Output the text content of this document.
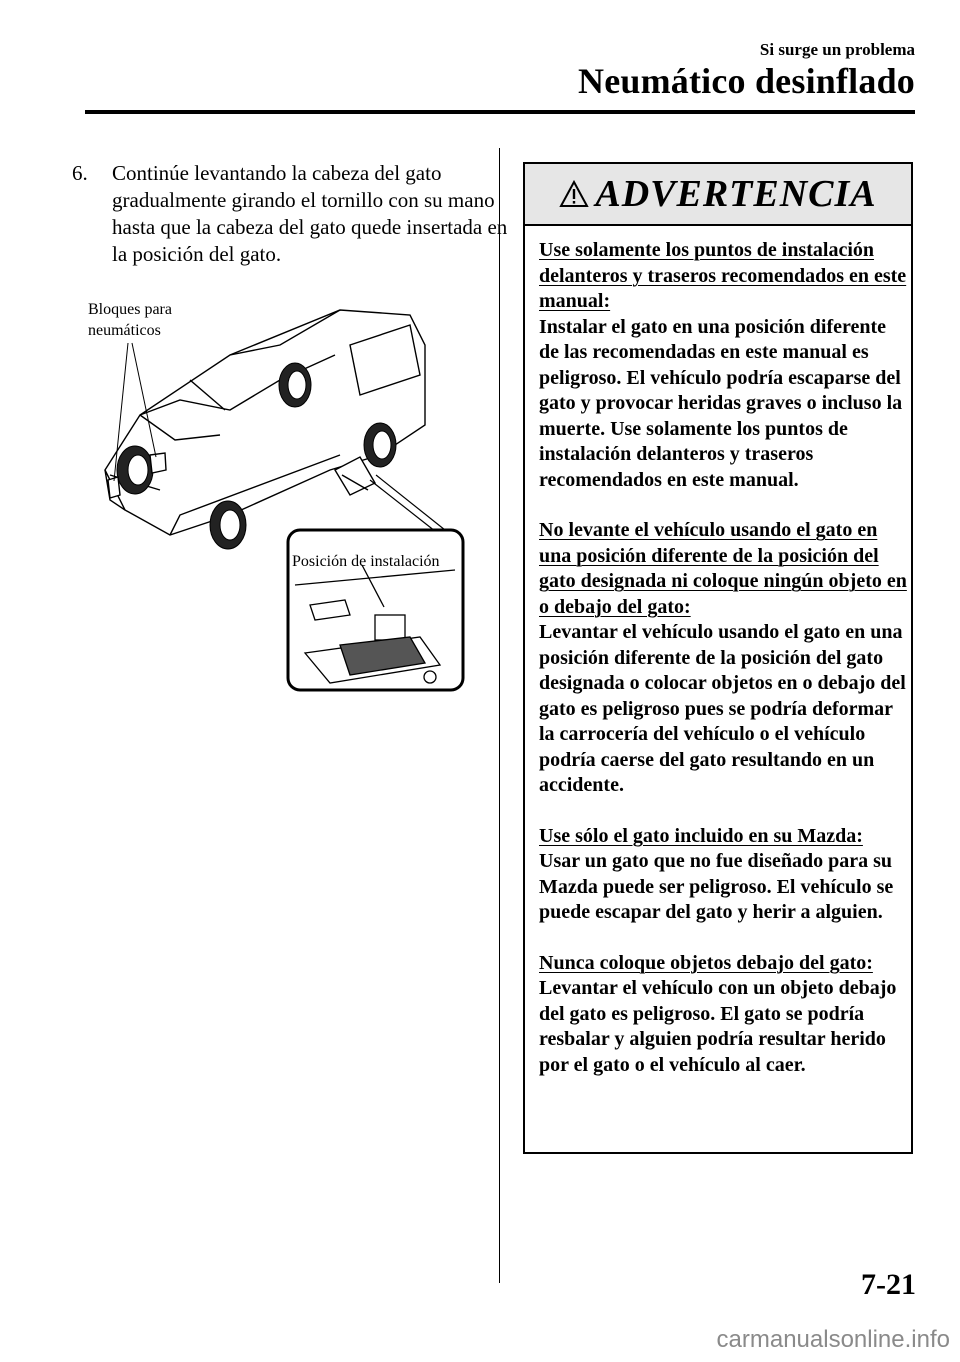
Si surge un problema
Neumático desinflado
6. Continúe levantando la cabeza del gato gradualmente girando el tornillo con su mano hasta que la cabeza del gato quede insertada en la posición del gato.
Bloques para
neumáticos
Posición de instalación
ADVERTENCIA

Use solamente los puntos de instalación delanteros y traseros recomendados en este manual:

Instalar el gato en una posición diferente de las recomendadas en este manual es peligroso. El vehículo podría escaparse del gato y provocar heridas graves o incluso la muerte. Use solamente los puntos de instalación delanteros y traseros recomendados en este manual.

No levante el vehículo usando el gato en una posición diferente de la posición del gato designada ni coloque ningún objeto en o debajo del gato:

Levantar el vehículo usando el gato en una posición diferente de la posición del gato designada o colocar objetos en o debajo del gato es peligroso pues se podría deformar la carrocería del vehículo o el vehículo podría caerse del gato resultando en un accidente.

Use sólo el gato incluido en su Mazda:

Usar un gato que no fue diseñado para su Mazda puede ser peligroso. El vehículo se puede escapar del gato y herir a alguien.

Nunca coloque objetos debajo del gato:

Levantar el vehículo con un objeto debajo del gato es peligroso. El gato se podría resbalar y alguien podría resultar herido por el gato o el vehículo al caer.

7-21
carmanualsonline.info
